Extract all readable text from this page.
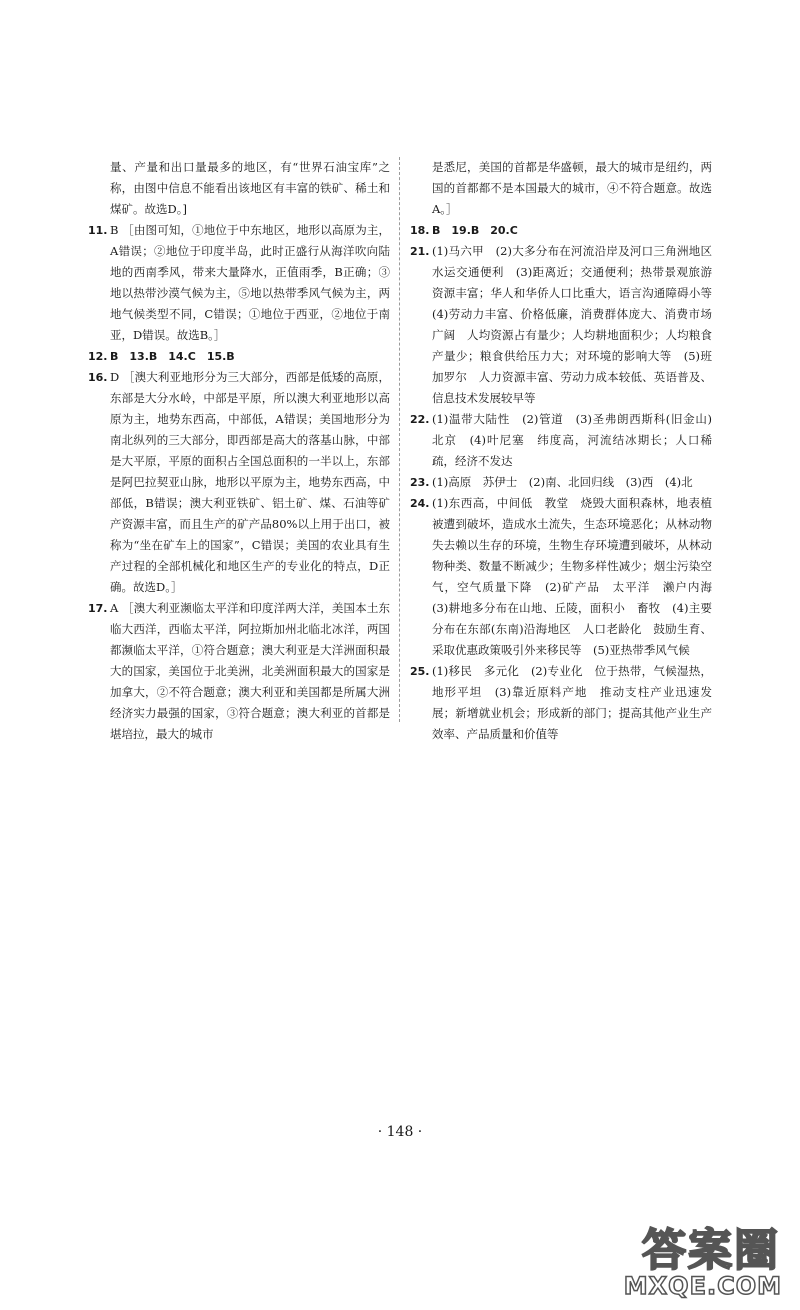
量、产量和出口量最多的地区，有“世界石油宝库”之称，由图中信息不能看出该地区有丰富的铁矿、稀土和煤矿。故选D。]
11. B ［由图可知，①地位于中东地区，地形以高原为主，A错误；②地位于印度半岛，此时正盛行从海洋吹向陆地的西南季风，带来大量降水，正值雨季，B正确；③地以热带沙漠气候为主，⑤地以热带季风气候为主，两地气候类型不同，C错误；①地位于西亚，②地位于南亚，D错误。故选B。］
12. B　13.B　14.C　15.B
16. D ［澳大利亚地形分为三大部分，西部是低矮的高原，东部是大分水岭，中部是平原，所以澳大利亚地形以高原为主，地势东西高，中部低，A错误；美国地形分为南北纵列的三大部分，即西部是高大的落基山脉，中部是大平原，平原的面积占全国总面积的一半以上，东部是阿巴拉契亚山脉，地形以平原为主，地势东西高，中部低，B错误；澳大利亚铁矿、铝土矿、煤、石油等矿产资源丰富，而且生产的矿产品80%以上用于出口，被称为“坐在矿车上的国家”，C错误；美国的农业具有生产过程的全部机械化和地区生产的专业化的特点，D正确。故选D。］
17. A ［澳大利亚濒临太平洋和印度洋两大洋，美国本土东临大西洋，西临太平洋，阿拉斯加州北临北冰洋，两国都濒临太平洋，①符合题意；澳大利亚是大洋洲面积最大的国家，美国位于北美洲，北美洲面积最大的国家是加拿大，②不符合题意；澳大利亚和美国都是所属大洲经济实力最强的国家，③符合题意；澳大利亚的首都是堪培拉，最大的城市
是悉尼，美国的首都是华盛顿，最大的城市是纽约，两国的首都都不是本国最大的城市，④不符合题意。故选A。］
18. B　19.B　20.C
21. (1)马六甲　(2)大多分布在河流沿岸及河口三角洲地区　水运交通便利　(3)距离近；交通便利；热带景观旅游资源丰富；华人和华侨人口比重大，语言沟通障碍小等　(4)劳动力丰富、价格低廉，消费群体庞大、消费市场广阔　人均资源占有量少；人均耕地面积少；人均粮食产量少；粮食供给压力大；对环境的影响大等　(5)班加罗尔　人力资源丰富、劳动力成本较低、英语普及、信息技术发展较早等
22. (1)温带大陆性　(2)管道　(3)圣弗朗西斯科(旧金山)　北京　(4)叶尼塞　纬度高，河流结冰期长；人口稀疏，经济不发达
23. (1)高原　苏伊士　(2)南、北回归线　(3)西　(4)北
24. (1)东西高，中间低　教堂　烧毁大面积森林，地表植被遭到破坏，造成水土流失，生态环境恶化；从林动物失去赖以生存的环境，生物生存环境遭到破坏，从林动物种类、数量不断减少；生物多样性减少；烟尘污染空气，空气质量下降　(2)矿产品　太平洋　濑户内海　(3)耕地多分布在山地、丘陵，面积小　畜牧　(4)主要分布在东部(东南)沿海地区　人口老龄化　鼓励生育、采取优惠政策吸引外来移民等　(5)亚热带季风气候
25. (1)移民　多元化　(2)专业化　位于热带，气候湿热，地形平坦　(3)靠近原料产地　推动支柱产业迅速发展；新增就业机会；形成新的部门；提高其他产业生产效率、产品质量和价值等
· 148 ·
答案圈
MXQE.COM
